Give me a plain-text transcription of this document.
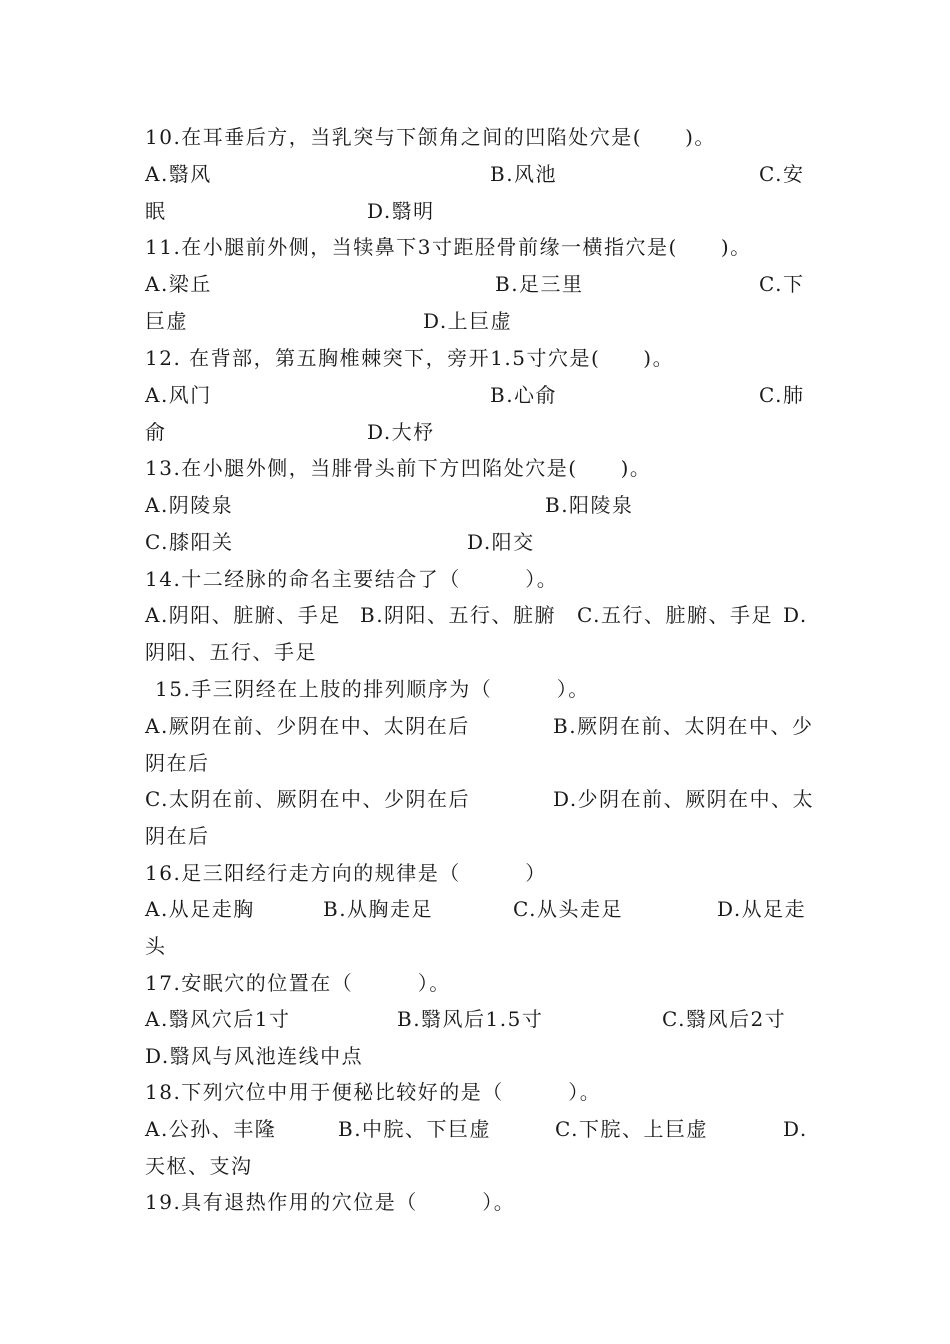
10.在耳垂后方，当乳突与下颌角之间的凹陷处穴是(　　)。
A.翳风	B.风池	C.安
眠	D.翳明
11.在小腿前外侧，当犊鼻下3寸距胫骨前缘一横指穴是(　　)。
A.梁丘	B.足三里	C.下
巨虚	D.上巨虚
12. 在背部，第五胸椎棘突下，旁开1.5寸穴是(　　)。
A.风门	B.心俞	C.肺
俞	D.大杼
13.在小腿外侧，当腓骨头前下方凹陷处穴是(　　)。
A.阴陵泉	B.阳陵泉
C.膝阳关	D.阳交
14.十二经脉的命名主要结合了（　　　）。
A.阴阳、脏腑、手足 B.阴阳、五行、脏腑 C.五行、脏腑、手足 D.
阴阳、五行、手足
15.手三阴经在上肢的排列顺序为（　　　）。
A.厥阴在前、少阴在中、太阴在后	B.厥阴在前、太阴在中、少
阴在后
C.太阴在前、厥阴在中、少阴在后	D.少阴在前、厥阴在中、太
阴在后
16.足三阳经行走方向的规律是（　　　）
A.从足走胸	B.从胸走足	C.从头走足	D.从足走
头
17.安眠穴的位置在（　　　）。
A.翳风穴后1寸	B.翳风后1.5寸	C.翳风后2寸
D.翳风与风池连线中点
18.下列穴位中用于便秘比较好的是（　　　）。
A.公孙、丰隆	B.中脘、下巨虚	C.下脘、上巨虚	D.
天枢、支沟
19.具有退热作用的穴位是（　　　）。
